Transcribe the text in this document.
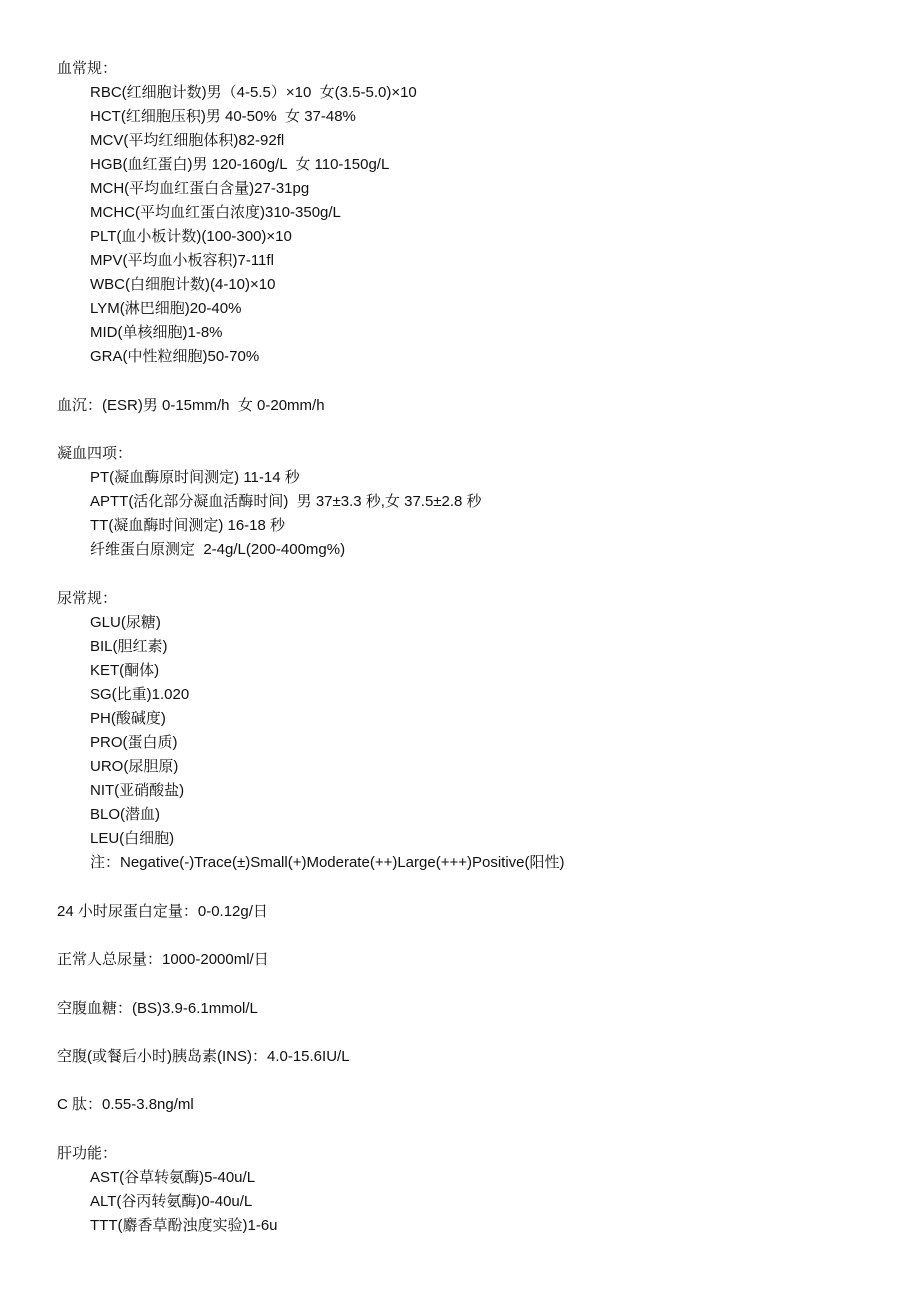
血常规：
RBC(红细胞计数)男（4-5.5）×10  女(3.5-5.0)×10
HCT(红细胞压积)男 40-50%  女 37-48%
MCV(平均红细胞体积)82-92fl
HGB(血红蛋白)男 120-160g/L  女 110-150g/L
MCH(平均血红蛋白含量)27-31pg
MCHC(平均血红蛋白浓度)310-350g/L
PLT(血小板计数)(100-300)×10
MPV(平均血小板容积)7-11fl
WBC(白细胞计数)(4-10)×10
LYM(淋巴细胞)20-40%
MID(单核细胞)1-8%
GRA(中性粒细胞)50-70%
血沉：(ESR)男 0-15mm/h  女 0-20mm/h
凝血四项：
PT(凝血酶原时间测定) 11-14 秒
APTT(活化部分凝血活酶时间)  男 37±3.3 秒,女 37.5±2.8 秒
TT(凝血酶时间测定) 16-18 秒
纤维蛋白原测定  2-4g/L(200-400mg%)
尿常规：
GLU(尿糖)
BIL(胆红素)
KET(酮体)
SG(比重)1.020
PH(酸碱度)
PRO(蛋白质)
URO(尿胆原)
NIT(亚硝酸盐)
BLO(潜血)
LEU(白细胞)
注：Negative(-)Trace(±)Small(+)Moderate(++)Large(+++)Positive(阳性)
24 小时尿蛋白定量：0-0.12g/日
正常人总尿量：1000-2000ml/日
空腹血糖：(BS)3.9-6.1mmol/L
空腹(或餐后小时)胰岛素(INS)：4.0-15.6IU/L
C 肽：0.55-3.8ng/ml
肝功能：
AST(谷草转氨酶)5-40u/L
ALT(谷丙转氨酶)0-40u/L
TTT(麝香草酚浊度实验)1-6u
